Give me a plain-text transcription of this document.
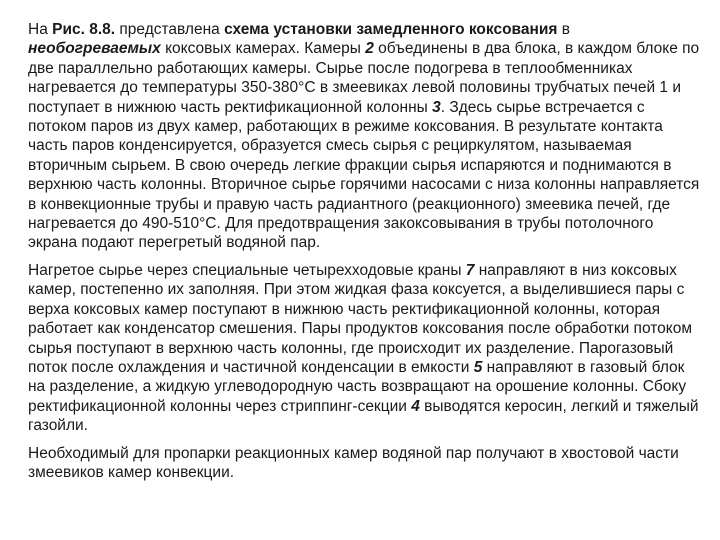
На Рис. 8.8. представлена схема установки замедленного коксования в необогреваемых коксовых камерах. Камеры 2 объединены в два блока, в каждом блоке по две параллельно работающих камеры. Сырье после подогрева в теплообменниках нагревается до температуры 350-380°С в змеевиках левой половины трубчатых печей 1 и поступает в нижнюю часть ректификационной колонны 3. Здесь сырье встречается с потоком паров из двух камер, работающих в режиме коксования. В результате контакта часть паров конденсируется, образуется смесь сырья с рециркулятом, называемая вторичным сырьем. В свою очередь легкие фракции сырья испаряются и поднимаются в верхнюю часть колонны. Вторичное сырье горячими насосами с низа колонны направляется в конвекционные трубы и правую часть радиантного (реакционного) змеевика печей, где нагревается до 490-510°С. Для предотвращения закоксовывания в трубы потолочного экрана подают перегретый водяной пар.

Нагретое сырье через специальные четырехходовые краны 7 направляют в низ коксовых камер, постепенно их заполняя. При этом жидкая фаза коксуется, а выделившиеся пары с верха коксовых камер поступают в нижнюю часть ректификационной колонны, которая работает как конденсатор смешения. Пары продуктов коксования после обработки потоком сырья поступают в верхнюю часть колонны, где происходит их разделение. Парогазовый поток после охлаждения и частичной конденсации в емкости 5 направляют в газовый блок на разделение, а жидкую углеводородную часть возвращают на орошение колонны. Сбоку ректификационной колонны через стриппинг-секции 4 выводятся керосин, легкий и тяжелый газойли.

Необходимый для пропарки реакционных камер водяной пар получают в хвостовой части змеевиков камер конвекции.
